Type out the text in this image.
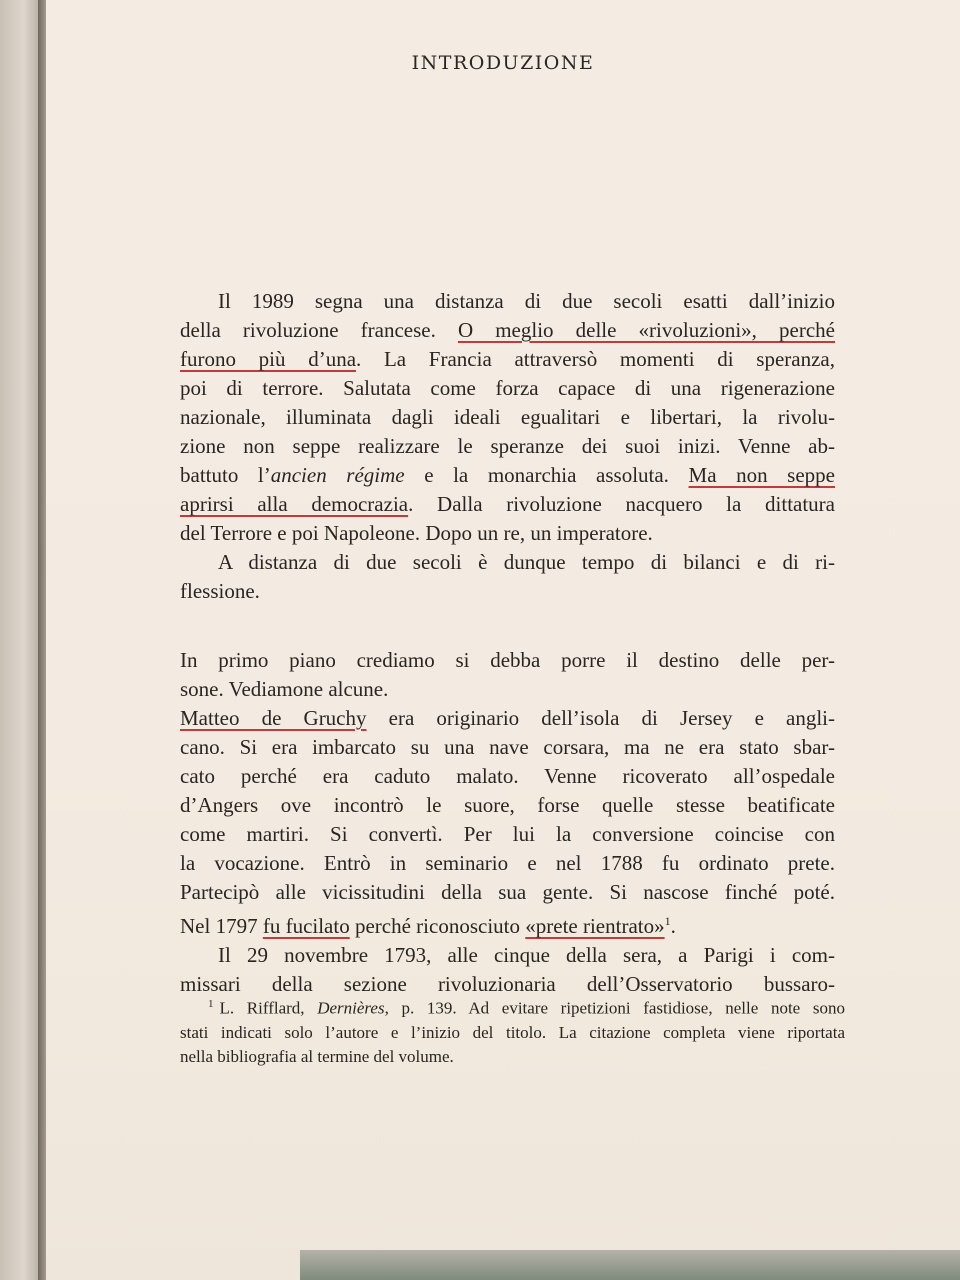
INTRODUZIONE
Il 1989 segna una distanza di due secoli esatti dall’inizio
della rivoluzione francese. O meglio delle «rivoluzioni», perché
furono più d’una. La Francia attraversò momenti di speranza,
poi di terrore. Salutata come forza capace di una rigenerazione
nazionale, illuminata dagli ideali egualitari e libertari, la rivolu-
zione non seppe realizzare le speranze dei suoi inizi. Venne ab-
battuto l’ancien régime e la monarchia assoluta. Ma non seppe
aprirsi alla democrazia. Dalla rivoluzione nacquero la dittatura
del Terrore e poi Napoleone. Dopo un re, un imperatore.
A distanza di due secoli è dunque tempo di bilanci e di ri-
flessione.
In primo piano crediamo si debba porre il destino delle per-
sone. Vediamone alcune.
Matteo de Gruchy era originario dell’isola di Jersey e angli-
cano. Si era imbarcato su una nave corsara, ma ne era stato sbar-
cato perché era caduto malato. Venne ricoverato all’ospedale
d’Angers ove incontrò le suore, forse quelle stesse beatificate
come martiri. Si convertì. Per lui la conversione coincise con
la vocazione. Entrò in seminario e nel 1788 fu ordinato prete.
Partecipò alle vicissitudini della sua gente. Si nascose finché poté.
Nel 1797 fu fucilato perché riconosciuto «prete rientrato»$^1$.
Il 29 novembre 1793, alle cinque della sera, a Parigi i com-
missari della sezione rivoluzionaria dell’Osservatorio bussaro-
$^1$ L. Rifflard, Dernières, p. 139. Ad evitare ripetizioni fastidiose, nelle note sono
stati indicati solo l’autore e l’inizio del titolo. La citazione completa viene riportata
nella bibliografia al termine del volume.
